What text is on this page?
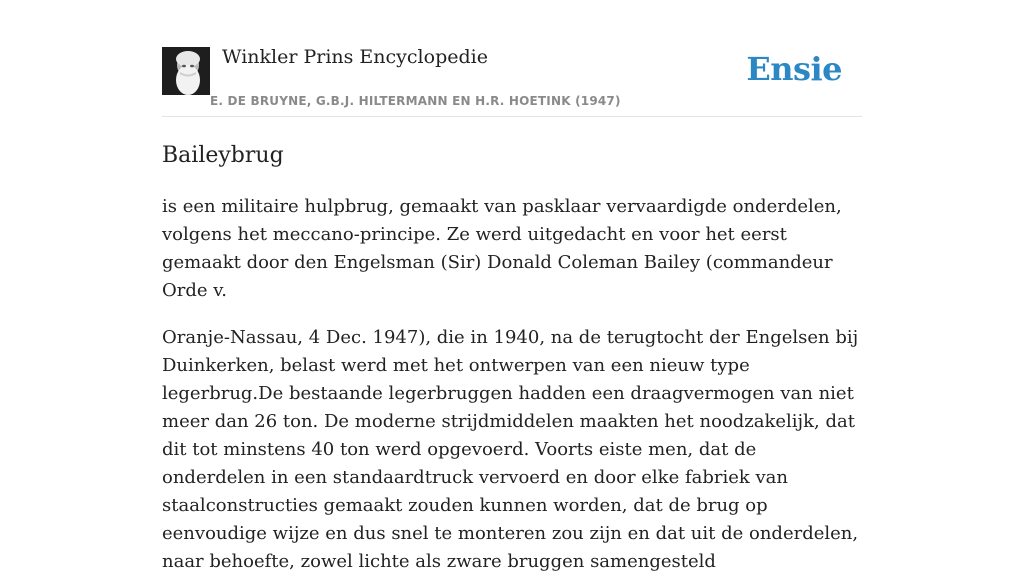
Winkler Prins Encyclopedie
E. DE BRUYNE, G.B.J. HILTERMANN EN H.R. HOETINK (1947)
Ensie
Baileybrug

is een militaire hulpbrug, gemaakt van pasklaar vervaardigde onderdelen, volgens het meccano-principe. Ze werd uitgedacht en voor het eerst gemaakt door den Engelsman (Sir) Donald Coleman Bailey (commandeur Orde v.

Oranje-Nassau, 4 Dec. 1947), die in 1940, na de terugtocht der Engelsen bij Duinkerken, belast werd met het ontwerpen van een nieuw type legerbrug.De bestaande legerbruggen hadden een draagvermogen van niet meer dan 26 ton. De moderne strijdmiddelen maakten het noodzakelijk, dat dit tot minstens 40 ton werd opgevoerd. Voorts eiste men, dat de onderdelen in een standaardtruck vervoerd en door elke fabriek van staalconstructies gemaakt zouden kunnen worden, dat de brug op eenvoudige wijze en dus snel te monteren zou zijn en dat uit de onderdelen, naar behoefte, zowel lichte als zware bruggen samengesteld
